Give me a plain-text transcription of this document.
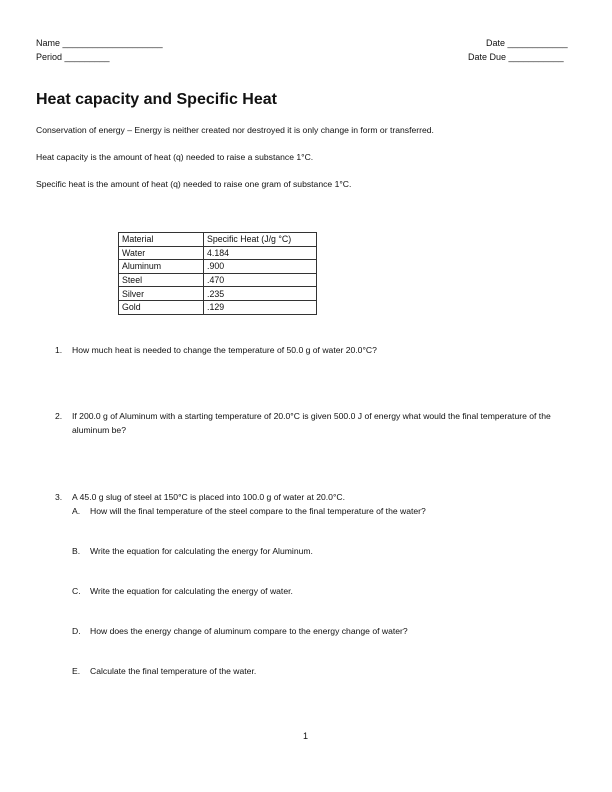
Name ____________________	Date ____________
Period _________	Date Due ___________
Heat capacity and Specific Heat
Conservation of energy – Energy is neither created nor destroyed it is only change in form or transferred.
Heat capacity is the amount of heat (q) needed to raise a substance 1°C.
Specific heat is the amount of heat (q) needed to raise one gram of substance 1°C.
Material	Specific Heat (J/g °C)
Water	4.184
Aluminum	.900
Steel	.470
Silver	.235
Gold	.129
1. How much heat is needed to change the temperature of 50.0 g of water 20.0°C?
2. If 200.0 g of Aluminum with a starting temperature of 20.0°C is given 500.0 J of energy what would the final temperature of the aluminum be?
3. A 45.0 g slug of steel at 150°C is placed into 100.0 g of water at 20.0°C.
A. How will the final temperature of the steel compare to the final temperature of the water?
B. Write the equation for calculating the energy for Aluminum.
C. Write the equation for calculating the energy of water.
D. How does the energy change of aluminum compare to the energy change of water?
E. Calculate the final temperature of the water.
1
